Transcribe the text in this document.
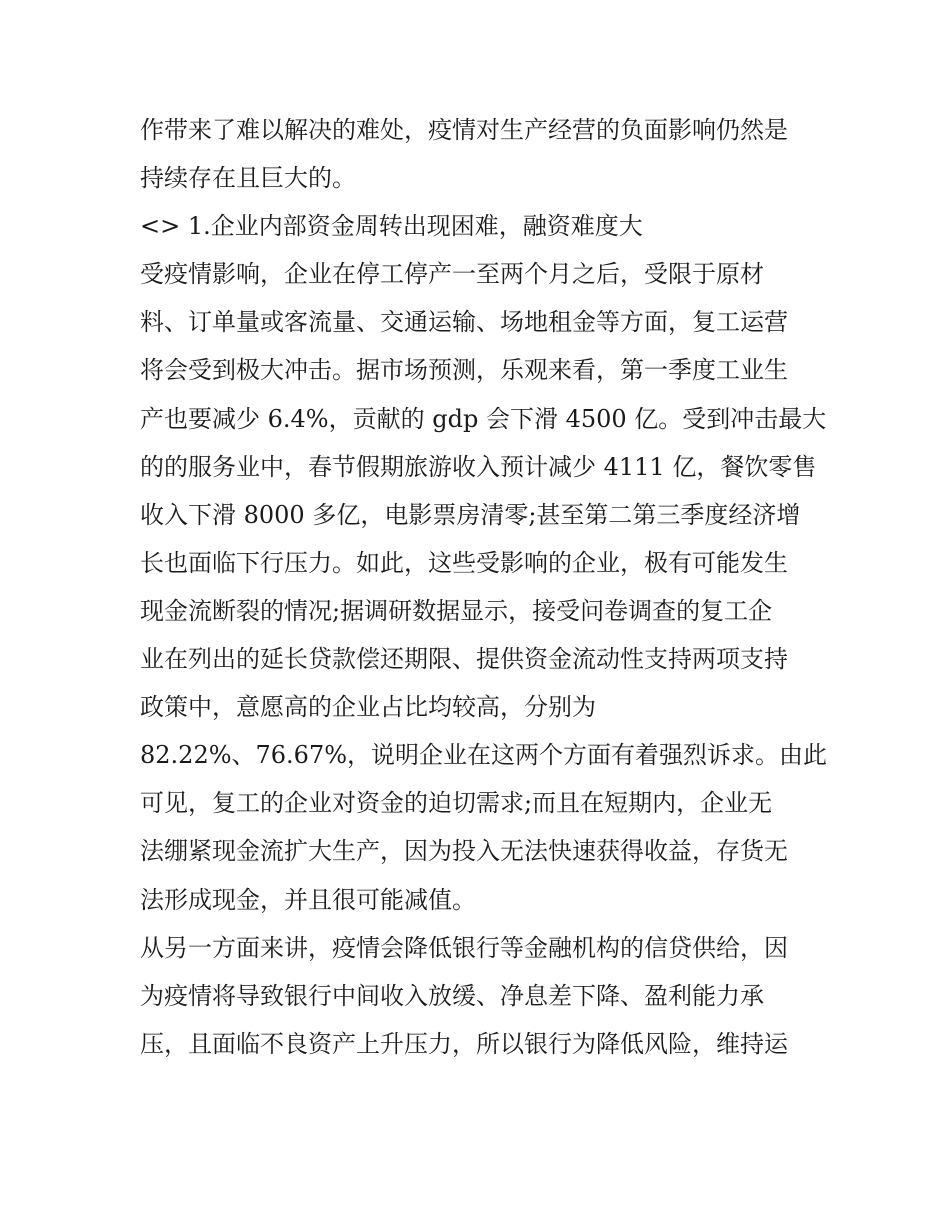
作带来了难以解决的难处，疫情对生产经营的负面影响仍然是
持续存在且巨大的。
<> 1.企业内部资金周转出现困难，融资难度大
受疫情影响，企业在停工停产一至两个月之后，受限于原材
料、订单量或客流量、交通运输、场地租金等方面，复工运营
将会受到极大冲击。据市场预测，乐观来看，第一季度工业生
产也要减少 6.4%，贡献的 gdp 会下滑 4500 亿。受到冲击最大
的的服务业中，春节假期旅游收入预计减少 4111 亿，餐饮零售
收入下滑 8000 多亿，电影票房清零;甚至第二第三季度经济增
长也面临下行压力。如此，这些受影响的企业，极有可能发生
现金流断裂的情况;据调研数据显示，接受问卷调查的复工企
业在列出的延长贷款偿还期限、提供资金流动性支持两项支持
政策中，意愿高的企业占比均较高，分别为
82.22%、76.67%，说明企业在这两个方面有着强烈诉求。由此
可见，复工的企业对资金的迫切需求;而且在短期内，企业无
法绷紧现金流扩大生产，因为投入无法快速获得收益，存货无
法形成现金，并且很可能减值。
从另一方面来讲，疫情会降低银行等金融机构的信贷供给，因
为疫情将导致银行中间收入放缓、净息差下降、盈利能力承
压，且面临不良资产上升压力，所以银行为降低风险，维持运
